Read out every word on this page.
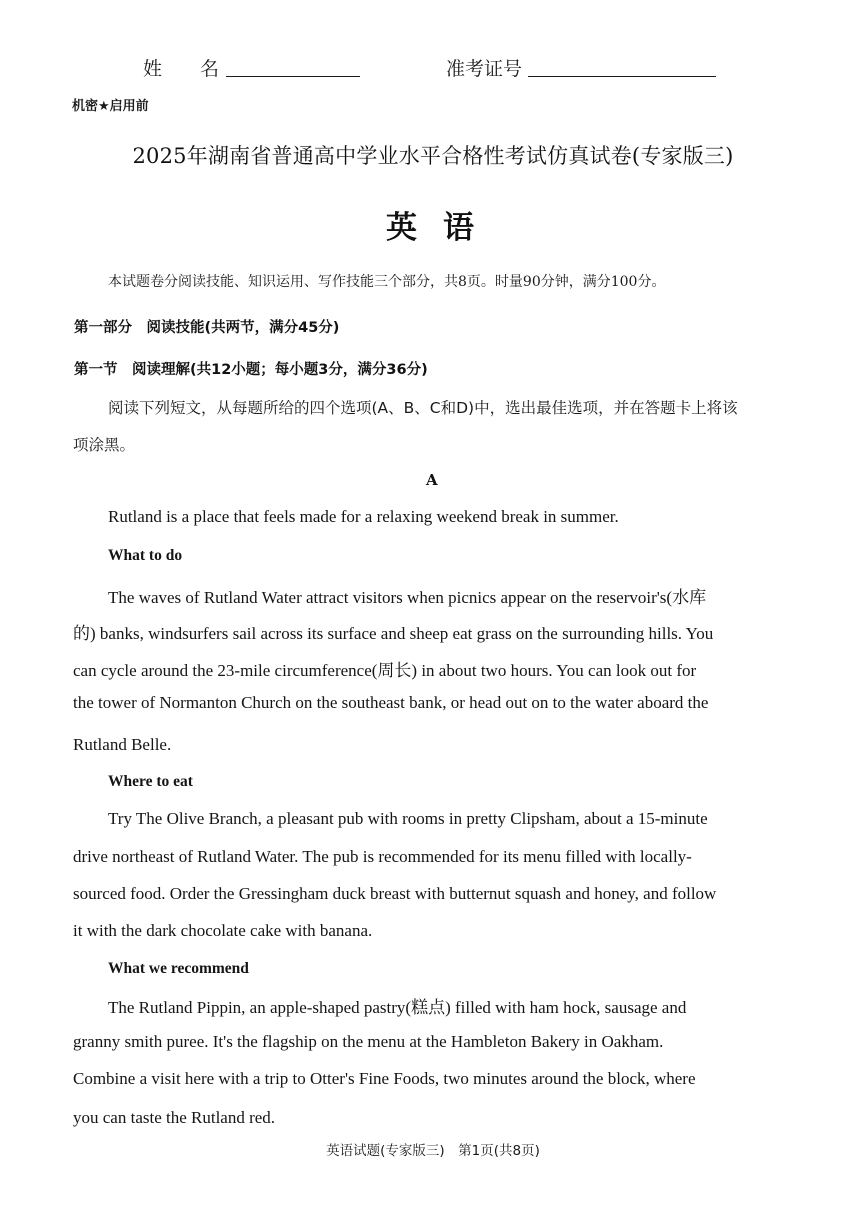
姓　　名	准考证号
机密★启用前
2025年湖南省普通高中学业水平合格性考试仿真试卷(专家版三)
英语
本试题卷分阅读技能、知识运用、写作技能三个部分，共8页。时量90分钟，满分100分。
第一部分　阅读技能(共两节，满分45分)
第一节　阅读理解(共12小题；每小题3分，满分36分)
阅读下列短文，从每题所给的四个选项(A、B、C和D)中，选出最佳选项，并在答题卡上将该
项涂黑。
A
Rutland is a place that feels made for a relaxing weekend break in summer.
What to do
The waves of Rutland Water attract visitors when picnics appear on the reservoir's(水库
的) banks, windsurfers sail across its surface and sheep eat grass on the surrounding hills. You
can cycle around the 23-mile circumference(周长) in about two hours. You can look out for
the tower of Normanton Church on the southeast bank, or head out on to the water aboard the
Rutland Belle.
Where to eat
Try The Olive Branch, a pleasant pub with rooms in pretty Clipsham, about a 15-minute
drive northeast of Rutland Water. The pub is recommended for its menu filled with locally-
sourced food. Order the Gressingham duck breast with butternut squash and honey, and follow
it with the dark chocolate cake with banana.
What we recommend
The Rutland Pippin, an apple-shaped pastry(糕点) filled with ham hock, sausage and
granny smith puree. It's the flagship on the menu at the Hambleton Bakery in Oakham.
Combine a visit here with a trip to Otter's Fine Foods, two minutes around the block, where
you can taste the Rutland red.
英语试题(专家版三)　第1页(共8页)
